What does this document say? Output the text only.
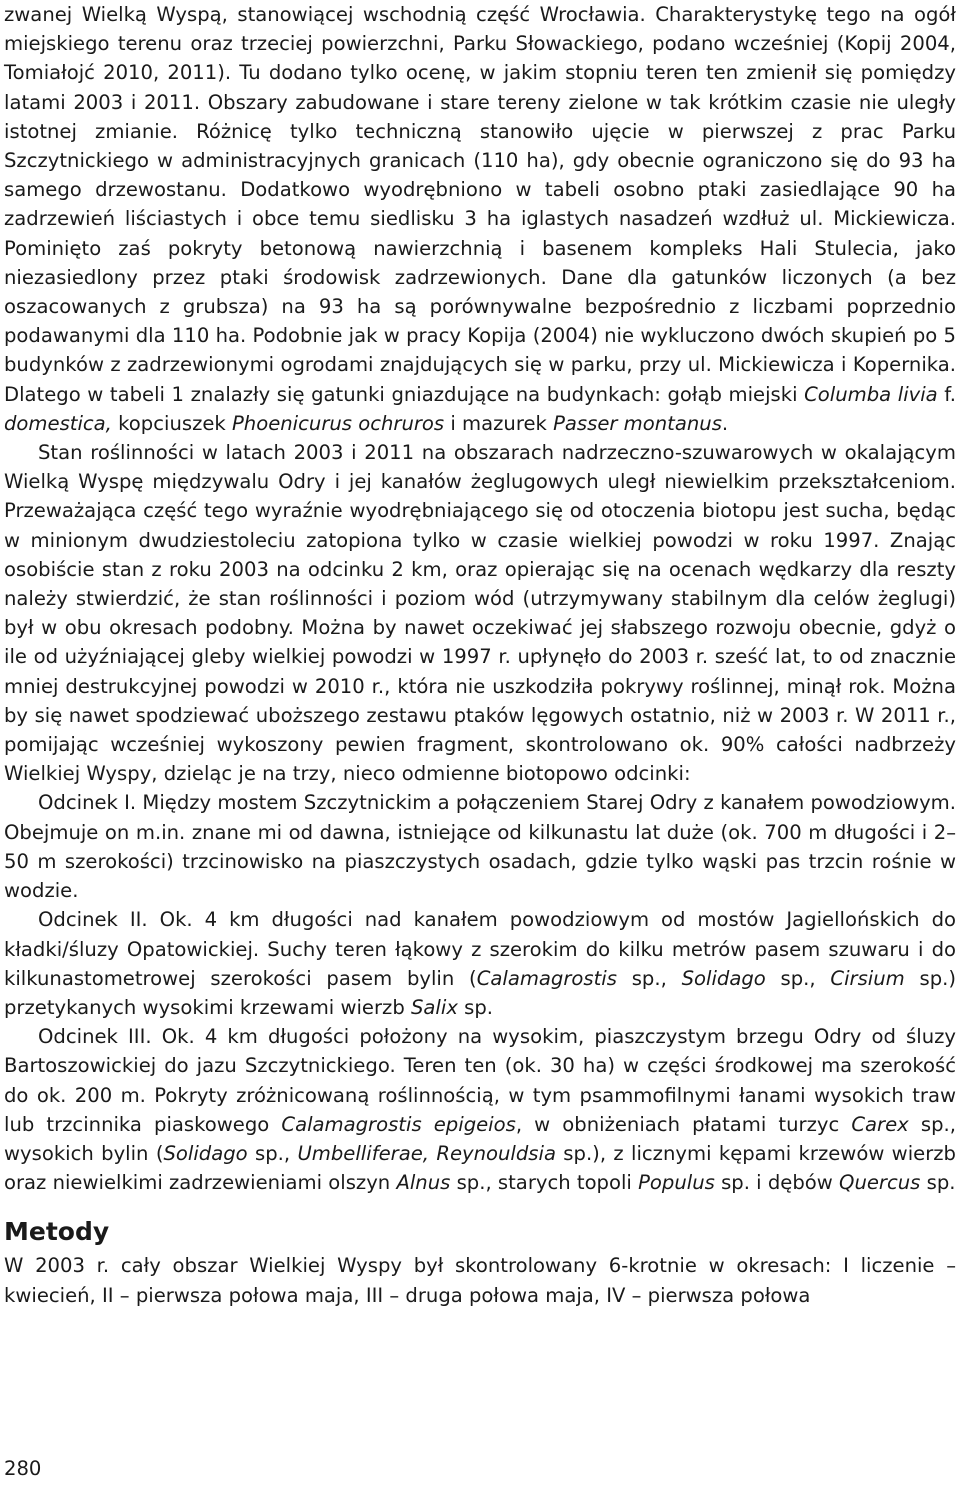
zwanej Wielką Wyspą, stanowiącej wschodnią część Wrocławia. Charakterystykę tego na ogół miejskiego terenu oraz trzeciej powierzchni, Parku Słowackiego, podano wcześniej (Kopij 2004, Tomiałojć 2010, 2011). Tu dodano tylko ocenę, w jakim stopniu teren ten zmienił się pomiędzy latami 2003 i 2011. Obszary zabudowane i stare tereny zielone w tak krótkim czasie nie uległy istotnej zmianie. Różnicę tylko techniczną stanowiło ujęcie w pierwszej z prac Parku Szczytnickiego w administracyjnych granicach (110 ha), gdy obecnie ograniczono się do 93 ha samego drzewostanu. Dodatkowo wyodrębniono w tabeli osobno ptaki zasiedlające 90 ha zadrzewień liściastych i obce temu siedlisku 3 ha iglastych nasadzeń wzdłuż ul. Mickiewicza. Pominięto zaś pokryty betonową nawierzchnią i basenem kompleks Hali Stulecia, jako niezasiedlony przez ptaki środowisk zadrzewionych. Dane dla gatunków liczonych (a bez oszacowanych z grubsza) na 93 ha są porównywalne bezpośrednio z liczbami poprzednio podawanymi dla 110 ha. Podobnie jak w pracy Kopija (2004) nie wykluczono dwóch skupień po 5 budynków z zadrzewionymi ogrodami znajdujących się w parku, przy ul. Mickiewicza i Kopernika. Dlatego w tabeli 1 znalazły się gatunki gniazdujące na budynkach: gołąb miejski Columba livia f. domestica, kopciuszek Phoenicurus ochruros i mazurek Passer montanus.

Stan roślinności w latach 2003 i 2011 na obszarach nadrzeczno-szuwarowych w okalającym Wielką Wyspę międzywalu Odry i jej kanałów żeglugowych uległ niewielkim przekształceniom. Przeważająca część tego wyraźnie wyodrębniającego się od otoczenia biotopu jest sucha, będąc w minionym dwudziestoleciu zatopiona tylko w czasie wielkiej powodzi w roku 1997. Znając osobiście stan z roku 2003 na odcinku 2 km, oraz opierając się na ocenach wędkarzy dla reszty należy stwierdzić, że stan roślinności i poziom wód (utrzymywany stabilnym dla celów żeglugi) był w obu okresach podobny. Można by nawet oczekiwać jej słabszego rozwoju obecnie, gdyż o ile od użyźniającej gleby wielkiej powodzi w 1997 r. upłynęło do 2003 r. sześć lat, to od znacznie mniej destrukcyjnej powodzi w 2010 r., która nie uszkodziła pokrywy roślinnej, minął rok. Można by się nawet spodziewać uboższego zestawu ptaków lęgowych ostatnio, niż w 2003 r. W 2011 r., pomijając wcześniej wykoszony pewien fragment, skontrolowano ok. 90% całości nadbrzeży Wielkiej Wyspy, dzieląc je na trzy, nieco odmienne biotopowo odcinki:

Odcinek I. Między mostem Szczytnickim a połączeniem Starej Odry z kanałem powodziowym. Obejmuje on m.in. znane mi od dawna, istniejące od kilkunastu lat duże (ok. 700 m długości i 2–50 m szerokości) trzcinowisko na piaszczystych osadach, gdzie tylko wąski pas trzcin rośnie w wodzie.

Odcinek II. Ok. 4 km długości nad kanałem powodziowym od mostów Jagiellońskich do kładki/śluzy Opatowickiej. Suchy teren łąkowy z szerokim do kilku metrów pasem szuwaru i do kilkunastometrowej szerokości pasem bylin (Calamagrostis sp., Solidago sp., Cirsium sp.) przetykanych wysokimi krzewami wierzb Salix sp.

Odcinek III. Ok. 4 km długości położony na wysokim, piaszczystym brzegu Odry od śluzy Bartoszowickiej do jazu Szczytnickiego. Teren ten (ok. 30 ha) w części środkowej ma szerokość do ok. 200 m. Pokryty zróżnicowaną roślinnością, w tym psammofilnymi łanami wysokich traw lub trzcinnika piaskowego Calamagrostis epigeios, w obniżeniach płatami turzyc Carex sp., wysokich bylin (Solidago sp., Umbelliferae, Reynouldsia sp.), z licznymi kępami krzewów wierzb oraz niewielkimi zadrzewieniami olszyn Alnus sp., starych topoli Populus sp. i dębów Quercus sp.

Metody

W 2003 r. cały obszar Wielkiej Wyspy był skontrolowany 6-krotnie w okresach: I liczenie – kwiecień, II – pierwsza połowa maja, III – druga połowa maja, IV – pierwsza połowa

280
